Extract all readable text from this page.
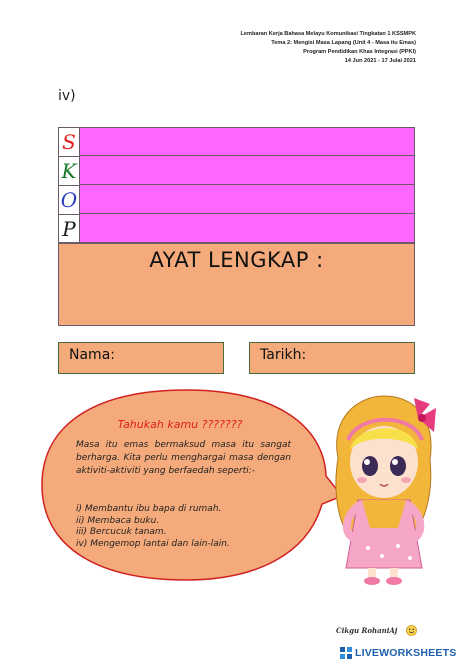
Lembaran Kerja Bahasa Melayu Komunikasi Tingkatan 1 KSSMPK
Tema 2: Mengisi Masa Lapang (Unit 4 - Masa itu Emas)
Program Pendidikan Khas Integrasi (PPKI)
14 Jun 2021 - 17 Julai 2021
iv)
S
K
O
P
AYAT LENGKAP :
Nama:	Tarikh:
Tahukah kamu ???????
Masa itu emas bermaksud masa itu sangat berharga. Kita perlu menghargai masa dengan aktiviti-aktiviti yang berfaedah seperti:-
i) Membantu ibu bapa di rumah.
ii) Membaca buku.
iii) Bercucuk tanam.
iv) Mengemop lantai dan lain-lain.
Cikgu RohaniAj
LIVEWORKSHEETS
